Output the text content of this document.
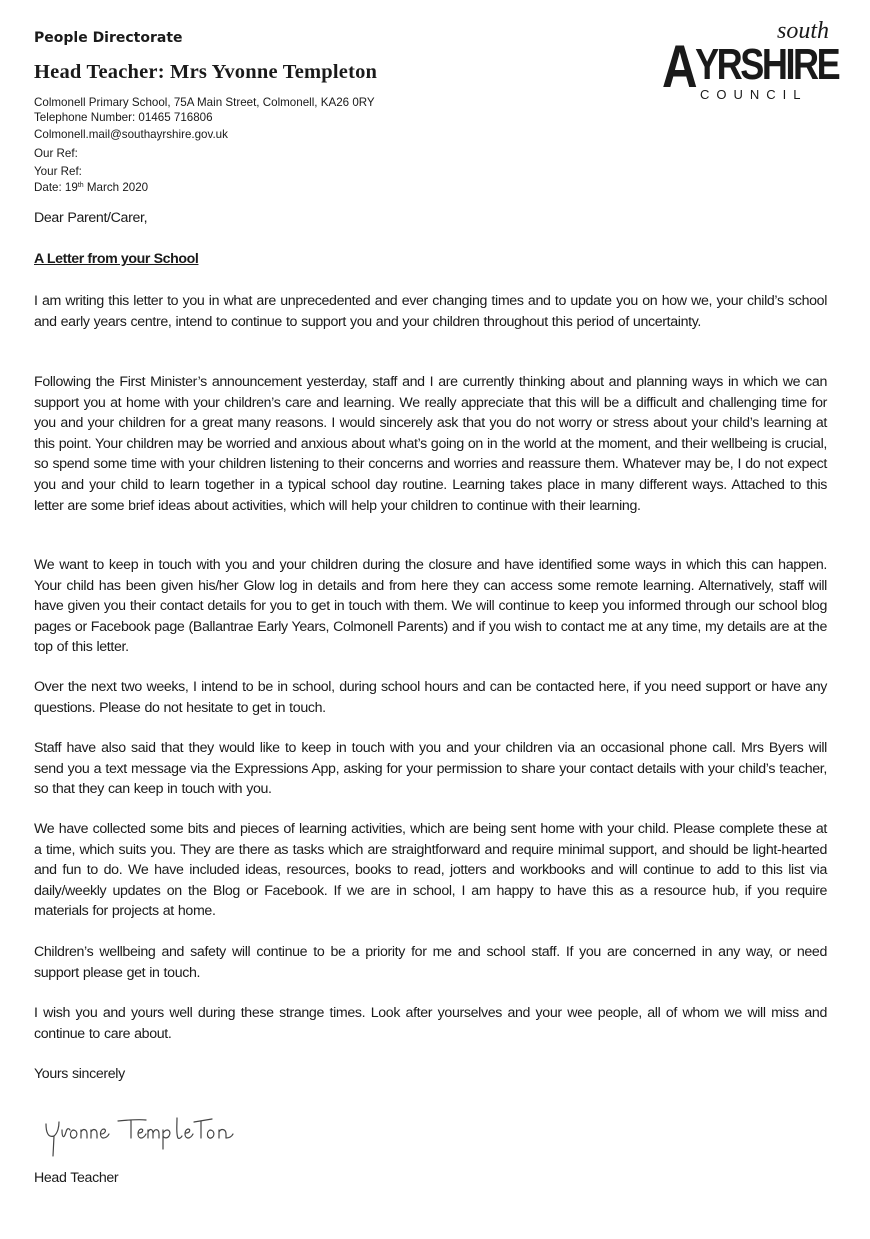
People Directorate
Head Teacher: Mrs Yvonne Templeton
Colmonell Primary School, 75A Main Street, Colmonell, KA26 0RY
Telephone Number: 01465 716806
Colmonell.mail@southayrshire.gov.uk
Our Ref:
Your Ref:
Date: 19th March 2020
south
AYRSHIRE
COUNCIL
Dear Parent/Carer,
A Letter from your School
I am writing this letter to you in what are unprecedented and ever changing times and to update you on how we, your child’s school and early years centre, intend to continue to support you and your children throughout this period of uncertainty.
Following the First Minister’s announcement yesterday, staff and I are currently thinking about and planning ways in which we can support you at home with your children’s care and learning. We really appreciate that this will be a difficult and challenging time for you and your children for a great many reasons. I would sincerely ask that you do not worry or stress about your child’s learning at this point. Your children may be worried and anxious about what’s going on in the world at the moment, and their wellbeing is crucial, so spend some time with your children listening to their concerns and worries and reassure them. Whatever may be, I do not expect you and your child to learn together in a typical school day routine. Learning takes place in many different ways. Attached to this letter are some brief ideas about activities, which will help your children to continue with their learning.
We want to keep in touch with you and your children during the closure and have identified some ways in which this can happen. Your child has been given his/her Glow log in details and from here they can access some remote learning. Alternatively, staff will have given you their contact details for you to get in touch with them. We will continue to keep you informed through our school blog pages or Facebook page (Ballantrae Early Years, Colmonell Parents) and if you wish to contact me at any time, my details are at the top of this letter.
Over the next two weeks, I intend to be in school, during school hours and can be contacted here, if you need support or have any questions. Please do not hesitate to get in touch.
Staff have also said that they would like to keep in touch with you and your children via an occasional phone call. Mrs Byers will send you a text message via the Expressions App, asking for your permission to share your contact details with your child’s teacher, so that they can keep in touch with you.
We have collected some bits and pieces of learning activities, which are being sent home with your child. Please complete these at a time, which suits you. They are there as tasks which are straightforward and require minimal support, and should be light-hearted and fun to do. We have included ideas, resources, books to read, jotters and workbooks and will continue to add to this list via daily/weekly updates on the Blog or Facebook. If we are in school, I am happy to have this as a resource hub, if you require materials for projects at home.
Children’s wellbeing and safety will continue to be a priority for me and school staff. If you are concerned in any way, or need support please get in touch.
I wish you and yours well during these strange times. Look after yourselves and your wee people, all of whom we will miss and continue to care about.
Yours sincerely
Head Teacher
